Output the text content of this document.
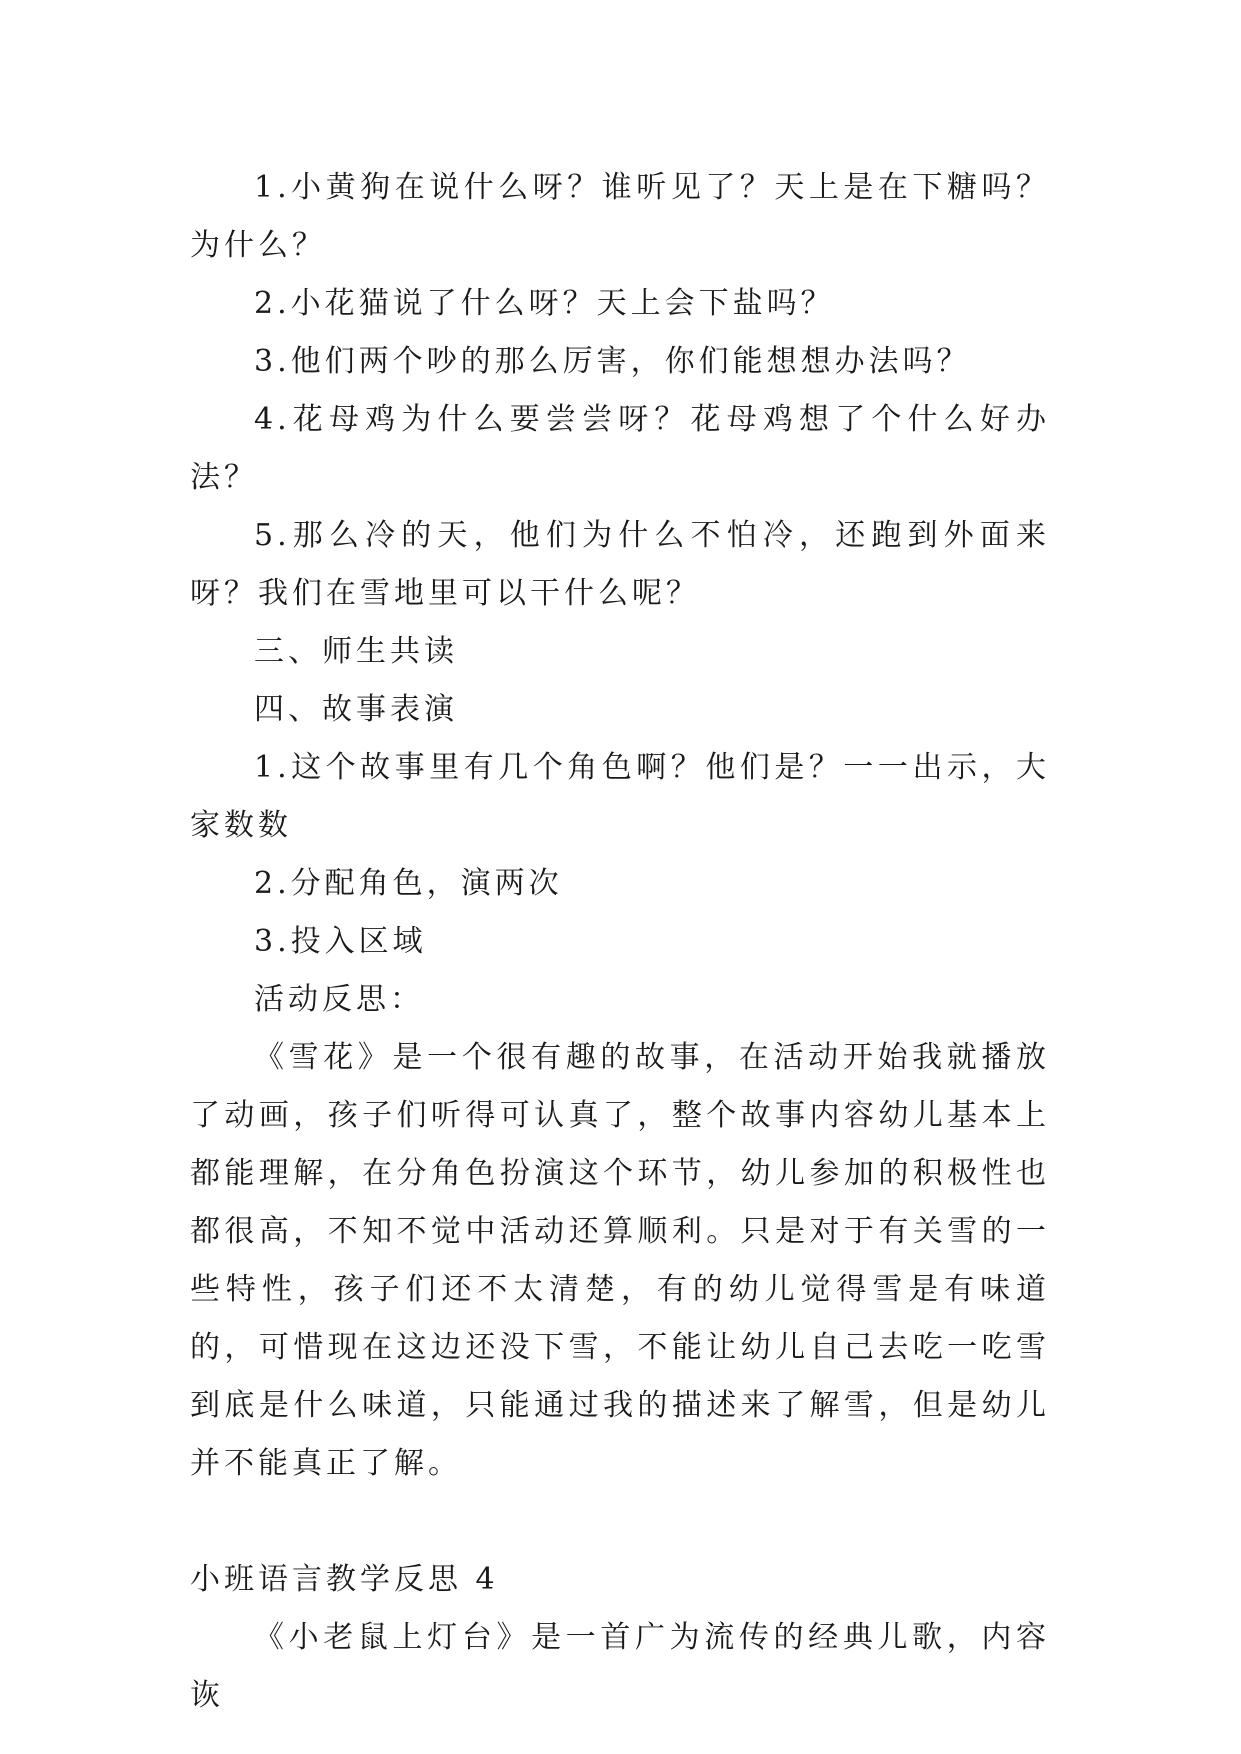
1.小黄狗在说什么呀？谁听见了？天上是在下糖吗？为什么？

2.小花猫说了什么呀？天上会下盐吗？

3.他们两个吵的那么厉害，你们能想想办法吗？

4.花母鸡为什么要尝尝呀？花母鸡想了个什么好办法？

5.那么冷的天，他们为什么不怕冷，还跑到外面来呀？我们在雪地里可以干什么呢？

三、师生共读

四、故事表演

1.这个故事里有几个角色啊？他们是？一一出示，大家数数

2.分配角色，演两次

3.投入区域

活动反思：

《雪花》是一个很有趣的故事，在活动开始我就播放了动画，孩子们听得可认真了，整个故事内容幼儿基本上都能理解，在分角色扮演这个环节，幼儿参加的积极性也都很高，不知不觉中活动还算顺利。只是对于有关雪的一些特性，孩子们还不太清楚，有的幼儿觉得雪是有味道的，可惜现在这边还没下雪，不能让幼儿自己去吃一吃雪到底是什么味道，只能通过我的描述来了解雪，但是幼儿并不能真正了解。

小班语言教学反思 4

《小老鼠上灯台》是一首广为流传的经典儿歌，内容诙
